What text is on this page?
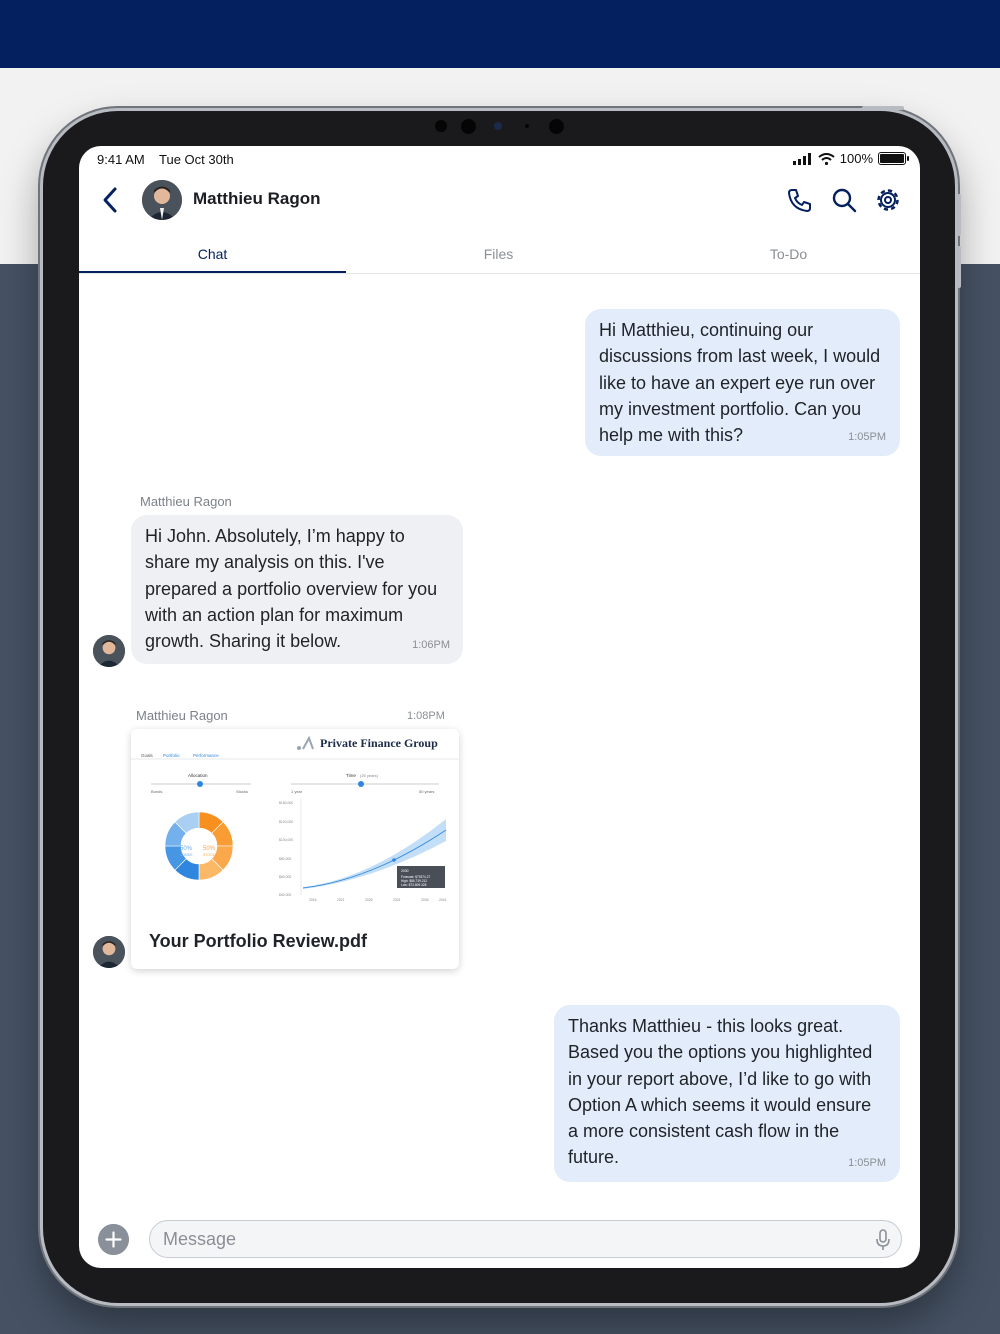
9:41 AM Tue Oct 30th	100%
Matthieu Ragon
Chat	Files	To-Do
Hi Matthieu, continuing our discussions from last week, I would like to have an expert eye run over my investment portfolio. Can you help me with this?	1:05PM
Matthieu Ragon
Hi John. Absolutely, I’m happy to share my analysis on this. I've prepared a portfolio overview for you with an action plan for maximum growth. Sharing it below.	1:06PM
Matthieu Ragon	1:08PM
Private Finance Group
Goals Portfolio	Performance
Allocation
Bonds	Stocks
50%
BONDS
50%
STOCKS
Time (25 years)
1 year	50 years
$150,000
$120,000
$100,000
$80,000
$60,000
$40,000
2030
Forecast: $79374.27
High: $85,739.212
Low: $73,809.328
2016	2021	2026	2031	2036	2041
Your Portfolio Review.pdf
Thanks Matthieu - this looks great. Based you the options you highlighted in your report above, I’d like to go with Option A which seems it would ensure a more consistent cash flow in the future.	1:05PM
Message
